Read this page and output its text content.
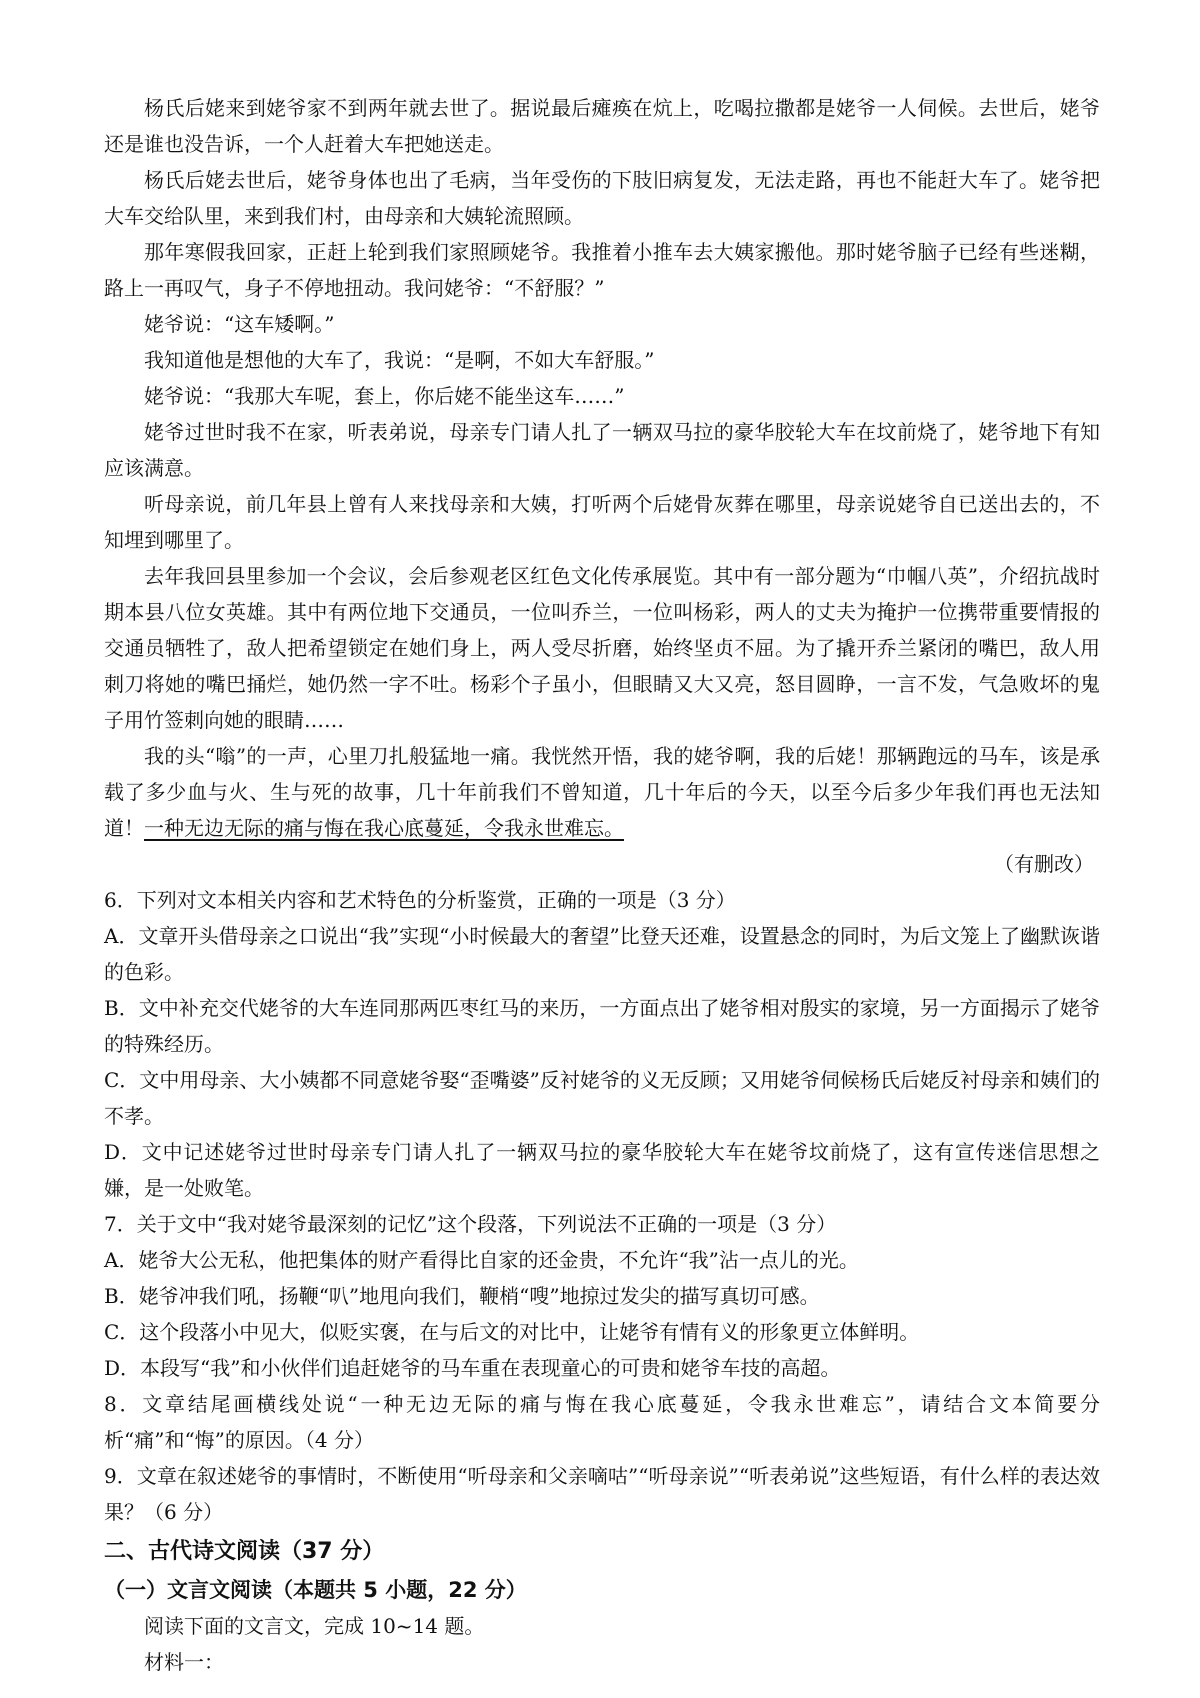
杨氏后姥来到姥爷家不到两年就去世了。据说最后瘫痪在炕上，吃喝拉撒都是姥爷一人伺候。去世后，姥爷还是谁也没告诉，一个人赶着大车把她送走。

杨氏后姥去世后，姥爷身体也出了毛病，当年受伤的下肢旧病复发，无法走路，再也不能赶大车了。姥爷把大车交给队里，来到我们村，由母亲和大姨轮流照顾。

那年寒假我回家，正赶上轮到我们家照顾姥爷。我推着小推车去大姨家搬他。那时姥爷脑子已经有些迷糊，路上一再叹气，身子不停地扭动。我问姥爷：“不舒服？”

姥爷说：“这车矮啊。”

我知道他是想他的大车了，我说：“是啊，不如大车舒服。”

姥爷说：“我那大车呢，套上，你后姥不能坐这车……”

姥爷过世时我不在家，听表弟说，母亲专门请人扎了一辆双马拉的豪华胶轮大车在坟前烧了，姥爷地下有知应该满意。

听母亲说，前几年县上曾有人来找母亲和大姨，打听两个后姥骨灰葬在哪里，母亲说姥爷自已送出去的，不知埋到哪里了。

去年我回县里参加一个会议，会后参观老区红色文化传承展览。其中有一部分题为“巾帼八英”，介绍抗战时期本县八位女英雄。其中有两位地下交通员，一位叫乔兰，一位叫杨彩，两人的丈夫为掩护一位携带重要情报的交通员牺牲了，敌人把希望锁定在她们身上，两人受尽折磨，始终坚贞不屈。为了撬开乔兰紧闭的嘴巴，敌人用刺刀将她的嘴巴捅烂，她仍然一字不吐。杨彩个子虽小，但眼睛又大又亮，怒目圆睁，一言不发，气急败坏的鬼子用竹签刺向她的眼睛……

我的头“嗡”的一声，心里刀扎般猛地一痛。我恍然开悟，我的姥爷啊，我的后姥！那辆跑远的马车，该是承载了多少血与火、生与死的故事，几十年前我们不曾知道，几十年后的今天，以至今后多少年我们再也无法知道！一种无边无际的痛与悔在我心底蔓延，令我永世难忘。

（有删改）

6．下列对文本相关内容和艺术特色的分析鉴赏，正确的一项是（3 分）

A．文章开头借母亲之口说出“我”实现“小时候最大的奢望”比登天还难，设置悬念的同时，为后文笼上了幽默诙谐的色彩。

B．文中补充交代姥爷的大车连同那两匹枣红马的来历，一方面点出了姥爷相对殷实的家境，另一方面揭示了姥爷的特殊经历。

C．文中用母亲、大小姨都不同意姥爷娶“歪嘴婆”反衬姥爷的义无反顾；又用姥爷伺候杨氏后姥反衬母亲和姨们的不孝。

D．文中记述姥爷过世时母亲专门请人扎了一辆双马拉的豪华胶轮大车在姥爷坟前烧了，这有宣传迷信思想之嫌，是一处败笔。

7．关于文中“我对姥爷最深刻的记忆”这个段落，下列说法不正确的一项是（3 分）

A．姥爷大公无私，他把集体的财产看得比自家的还金贵，不允许“我”沾一点儿的光。

B．姥爷冲我们吼，扬鞭“叭”地甩向我们，鞭梢“嗖”地掠过发尖的描写真切可感。

C．这个段落小中见大，似贬实褒，在与后文的对比中，让姥爷有情有义的形象更立体鲜明。

D．本段写“我”和小伙伴们追赶姥爷的马车重在表现童心的可贵和姥爷车技的高超。

8．文章结尾画横线处说“一种无边无际的痛与悔在我心底蔓延，令我永世难忘”，请结合文本简要分析“痛”和“悔”的原因。（4 分）

9．文章在叙述姥爷的事情时，不断使用“听母亲和父亲嘀咕”“听母亲说”“听表弟说”这些短语，有什么样的表达效果？（6 分）

二、古代诗文阅读（37 分）

（一）文言文阅读（本题共 5 小题，22 分）

阅读下面的文言文，完成 10~14 题。

材料一：
